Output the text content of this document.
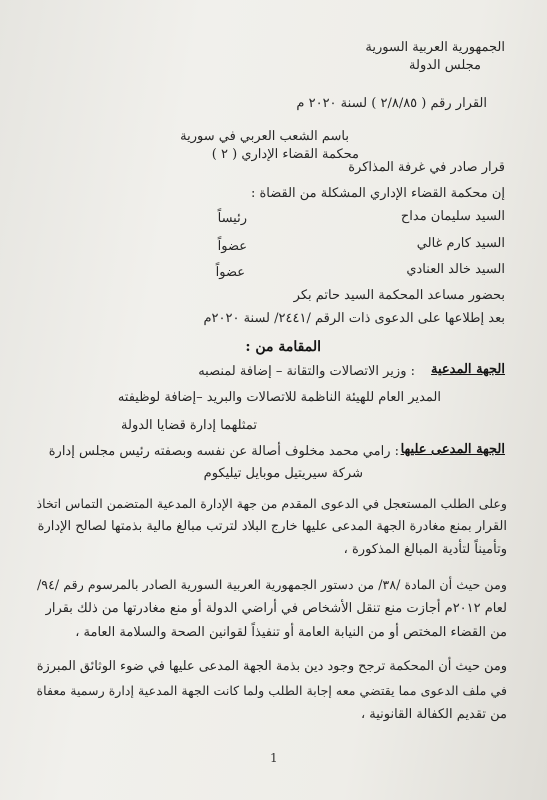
الجمهورية العربية السورية
مجلس الدولة
القرار رقم ( ۲/۸/۸٥ ) لسنة ۲۰۲۰ م
باسم الشعب العربي في سورية
محكمة القضاء الإداري ( ۲ )
قرار صادر في غرفة المذاكرة
إن محكمة القضاء الإداري المشكلة من القضاة :
السيد سليمان مداح
رئيساً
السيد كارم غالي
عضواً
السيد خالد العنادي
عضواً
بحضور مساعد المحكمة السيد حاتم بكر
بعد إطلاعها على الدعوى ذات الرقم /٢٤٤١/ لسنة ٢٠٢٠م
المقامة من :
الجهة المدعية
: وزير الاتصالات والتقانة – إضافة لمنصبه
المدير العام للهيئة الناظمة للاتصالات والبريد –إضافة لوظيفته
تمثلهما إدارة قضايا الدولة
الجهة المدعى عليها
: رامي محمد مخلوف أصالة عن نفسه وبصفته رئيس مجلس إدارة
شركة سيريتيل موبايل تيليكوم
وعلى الطلب المستعجل في الدعوى المقدم من جهة الإدارة المدعية المتضمن التماس اتخاذ
القرار بمنع مغادرة الجهة المدعى عليها خارج البلاد لترتب مبالغ مالية بذمتها لصالح الإدارة
وتأميناً لتأدية المبالغ المذكورة ،
ومن حيث أن المادة /٣٨/ من دستور الجمهورية العربية السورية الصادر بالمرسوم رقم /٩٤/
لعام ٢٠١٢م أجازت منع تنقل الأشخاص في أراضي الدولة أو منع مغادرتها من ذلك بقرار
من القضاء المختص أو من النيابة العامة أو تنفيذاً لقوانين الصحة والسلامة العامة ،
ومن حيث أن المحكمة ترجح وجود دين بذمة الجهة المدعى عليها في ضوء الوثائق المبرزة
في ملف الدعوى مما يقتضي معه إجابة الطلب ولما كانت الجهة المدعية إدارة رسمية معفاة
من تقديم الكفالة القانونية ،
1
